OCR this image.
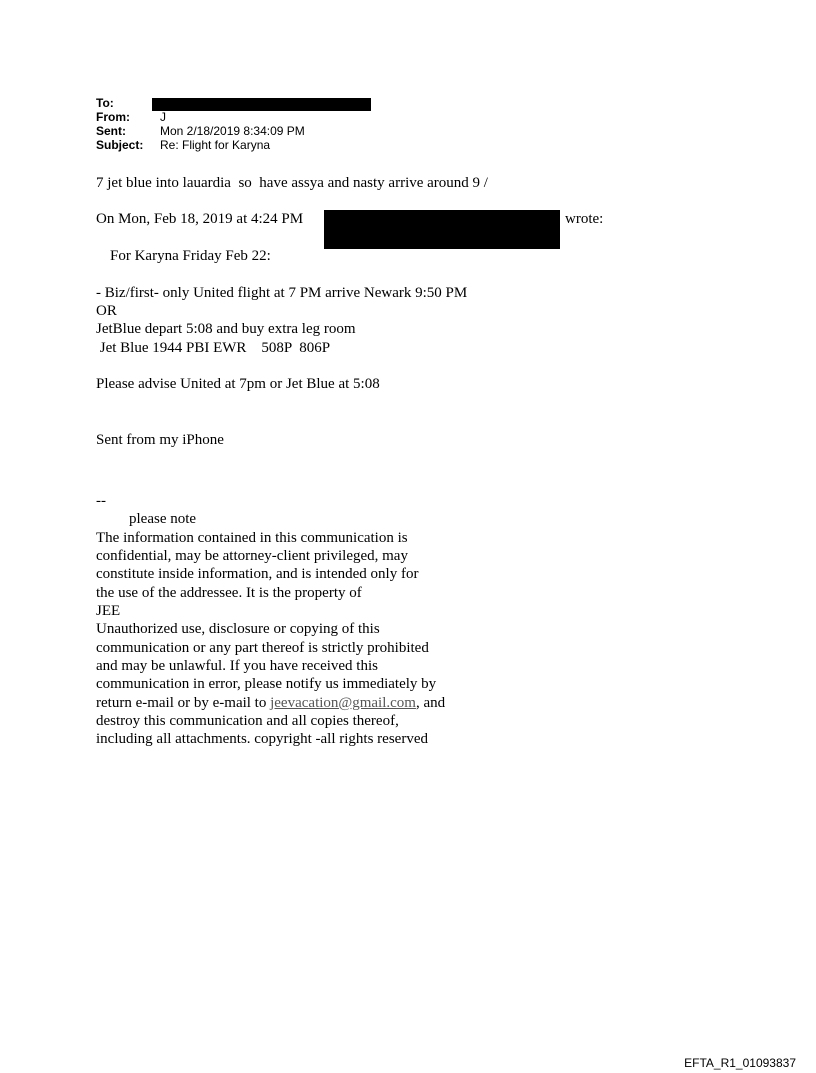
To:
From:	J
Sent:	Mon 2/18/2019 8:34:09 PM
Subject: Re: Flight for Karyna
7 jet blue into lauardia  so  have assya and nasty arrive around 9 /
On Mon, Feb 18, 2019 at 4:24 PM	wrote:
For Karyna Friday Feb 22:
- Biz/first- only United flight at 7 PM arrive Newark 9:50 PM
OR
JetBlue depart 5:08 and buy extra leg room
Jet Blue 1944 PBI EWR    508P  806P
Please advise United at 7pm or Jet Blue at 5:08
Sent from my iPhone
--
please note
The information contained in this communication is
confidential, may be attorney-client privileged, may
constitute inside information, and is intended only for
the use of the addressee. It is the property of
JEE
Unauthorized use, disclosure or copying of this
communication or any part thereof is strictly prohibited
and may be unlawful. If you have received this
communication in error, please notify us immediately by
return e-mail or by e-mail to jeevacation@gmail.com, and
destroy this communication and all copies thereof,
including all attachments. copyright -all rights reserved
EFTA_R1_01093837
